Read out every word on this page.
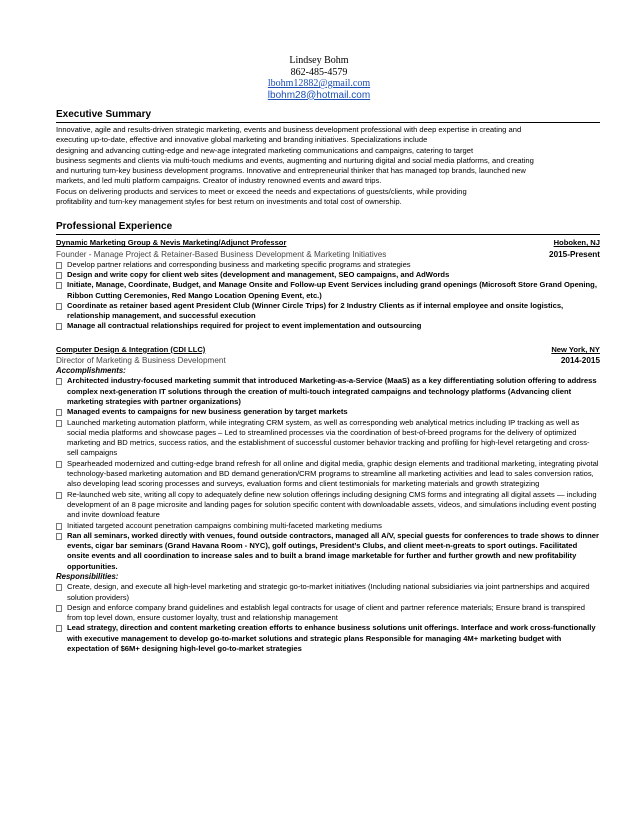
Lindsey Bohm
862-485-4579
lbohm12882@gmail.com
lbohm28@hotmail.com
Executive Summary
Innovative, agile and results-driven strategic marketing, events and business development professional with deep expertise in creating and
executing up-to-date, effective and innovative global marketing and branding initiatives. Specializations include
designing and advancing cutting-edge and new-age integrated marketing communications and campaigns, catering to target
business segments and clients via multi-touch mediums and events, augmenting and nurturing digital and social media platforms, and creating
and nurturing turn-key business development programs. Innovative and entrepreneurial thinker that has managed top brands, launched new
markets, and led multi platform campaigns. Creator of industry renowned events and award trips.
Focus on delivering products and services to meet or exceed the needs and expectations of guests/clients, while providing
profitability and turn-key management styles for best return on investments and total cost of ownership.
Professional Experience
Dynamic Marketing Group & Nevis Marketing/Adjunct Professor	Hoboken, NJ
Founder - Manage Project & Retainer-Based Business Development & Marketing Initiatives	2015-Present
Develop partner relations and corresponding business and marketing specific programs and strategies
Design and write copy for client web sites (development and management, SEO campaigns, and AdWords
Initiate, Manage, Coordinate, Budget, and Manage Onsite and Follow-up Event Services including grand openings (Microsoft Store Grand Opening, Ribbon Cutting Ceremonies, Red Mango Location Opening Event, etc.)
Coordinate as retainer based agent President Club (Winner Circle Trips) for 2 Industry Clients as if internal employee and onsite logistics, relationship management, and successful execution
Manage all contractual relationships required for project to event implementation and outsourcing
Computer Design & Integration (CDI LLC)	New York, NY
Director of Marketing & Business Development	2014-2015
Accomplishments:
Architected industry-focused marketing summit that introduced Marketing-as-a-Service (MaaS) as a key differentiating solution offering to address complex next-generation IT solutions through the creation of multi-touch integrated campaigns and technology platforms (Advancing client marketing strategies with partner organizations)
Managed events to campaigns for new business generation by target markets
Launched marketing automation platform, while integrating CRM system, as well as corresponding web analytical metrics including IP tracking as well as social media platforms and showcase pages – Led to streamlined processes via the coordination of best-of-breed programs for the delivery of optimized marketing and BD metrics, success ratios, and the establishment of successful customer behavior tracking and profiling for high-level retargeting and cross-sell campaigns
Spearheaded modernized and cutting-edge brand refresh for all online and digital media, graphic design elements and traditional marketing, integrating pivotal technology-based marketing automation and BD demand generation/CRM programs to streamline all marketing activities and lead to sales conversion ratios, also developing lead scoring processes and surveys, evaluation forms and client testimonials for marketing materials and growth strategizing
Re-launched web site, writing all copy to adequately define new solution offerings including designing CMS forms and integrating all digital assets — including development of an 8 page microsite and landing pages for solution specific content with downloadable assets, videos, and simulations including event posting and invite download feature
Initiated targeted account penetration campaigns combining multi-faceted marketing mediums
Ran all seminars, worked directly with venues, found outside contractors, managed all A/V, special guests for conferences to trade shows to dinner events, cigar bar seminars (Grand Havana Room - NYC), golf outings, President’s Clubs, and client meet-n-greats to sport outings. Facilitated onsite events and all coordination to increase sales and to built a brand image marketable for further and further growth and new profitability opportunities.
Responsibilities:
Create, design, and execute all high-level marketing and strategic go-to-market initiatives (Including national subsidiaries via joint partnerships and acquired solution providers)
Design and enforce company brand guidelines and establish legal contracts for usage of client and partner reference materials; Ensure brand is transpired from top level down, ensure customer loyalty, trust and relationship management
Lead strategy, direction and content marketing creation efforts to enhance business solutions unit offerings. Interface and work cross-functionally with executive management to develop go-to-market solutions and strategic plans Responsible for managing 4M+ marketing budget with expectation of $6M+ designing high-level go-to-market strategies
